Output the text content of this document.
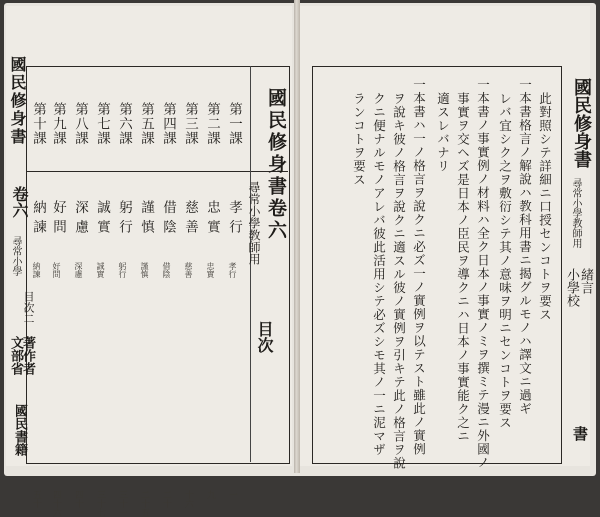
國民修身書
卷六
尋常小學
目次二
文部省
著作者
國民書籍
國民修身書卷六
尋常小學教師用
目次
第一課
孝行
孝行
一
第二課
忠實
忠實
九
第三課
慈善
慈善
十六
第四課
借陰
借陰
二十
第五課
謹慎
謹慎
二十五
第六課
躬行
躬行
三十一
第七課
誠實
誠實
三十七
第八課
深慮
深慮
四十一
第九課
好問
好問
四十六
第十課
納諫
納諫
五十一
國民修身書
尋常小學教師用
緒言
小學校
書
此對照シテ詳細ニ口授センコトヲ要ス
一本書格言ノ解說ハ教科用書ニ揭グルモノハ譯文ニ過ギ
レバ宜シク之ヲ敷衍シテ其ノ意味ヲ明ニセンコトヲ要ス
一本書ノ事實例ノ材料ハ全ク日本ノ事實ノミヲ撰ミテ漫ニ外國ノ
事實ヲ交ヘズ是日本ノ臣民ヲ導クニハ日本ノ事實能ク之ニ
適スレバナリ
一本書ハ一ノ格言ヲ說クニ必ズ一ノ實例ヲ以テスト雖此ノ實例
ヲ說キ彼ノ格言ヲ說クニ適スル彼ノ實例ヲ引キテ此ノ格言ヲ說
クニ便ナルモノアレバ彼此活用シテ必ズシモ其ノ一ニ泥マザ
ランコトヲ要ス
